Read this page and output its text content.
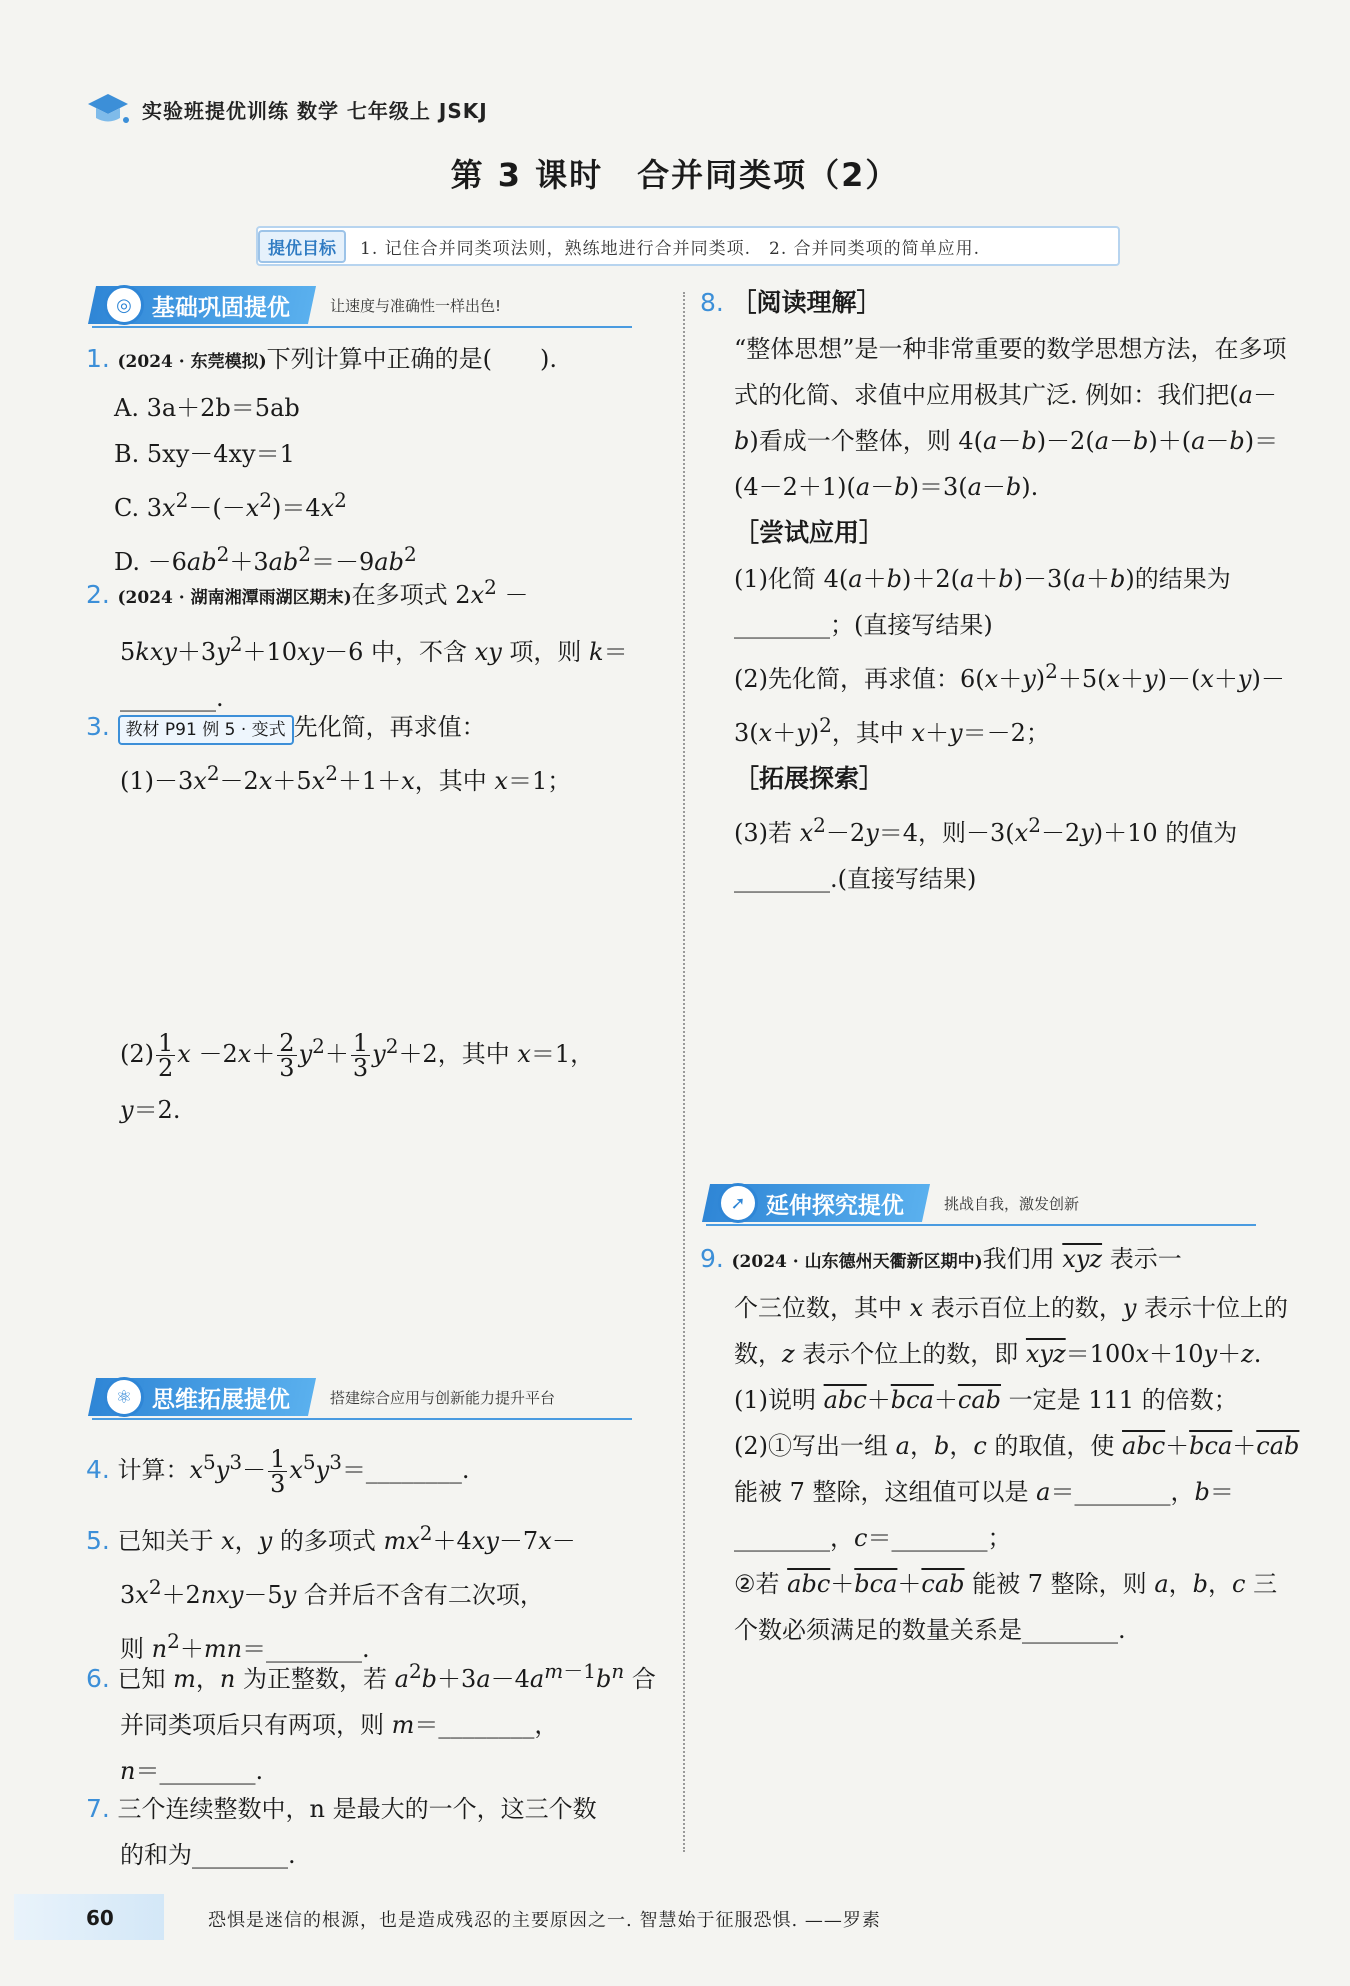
实验班提优训练 数学 七年级上 JSKJ
第 3 课时　合并同类项（2）
提优目标	1. 记住合并同类项法则，熟练地进行合并同类项.　2. 合并同类项的简单应用.
◎ 基础巩固提优	让速度与准确性一样出色!
1. (2024 · 东莞模拟)下列计算中正确的是(　　).
A. 3a＋2b＝5ab
B. 5xy－4xy＝1
C. $3x^2-(-x^2)=4x^2$
D. $-6ab^2+3ab^2=-9ab^2$
2. (2024 · 湖南湘潭雨湖区期末)在多项式 $2x^2$ －
$5kxy+3y^2+10xy-6$ 中，不含 xy 项，则 k＝
________.
3. 教材 P91 例 5 · 变式 先化简，再求值：
$(1)-3x^2-2x+5x^2+1+x$，其中 x＝1；
$(2) \frac{1}{2}$ $x -2x+ \frac{2}{3} y^2+ \frac{1}{3} y^2+2$，其中 x＝1，
y＝2.
⚛ 思维拓展提优	搭建综合应用与创新能力提升平台
4. 计算：$x^5y^3- \frac{1}{3}$ $x^5y^3=\_\_\_\_\_\_\_\_$.
5. 已知关于 x，y 的多项式 $mx^2+4xy-7x-$
$3x^2+2nxy-5y$ 合并后不含有二次项，
则 $n^2+mn=\_\_\_\_\_\_\_\_$.
6. 已知 m，n 为正整数，若 $a^2b+3a-4a^{m-1}b^n$ 合
并同类项后只有两项，则 m＝________，
n＝________.
7. 三个连续整数中，n 是最大的一个，这三个数
的和为________.
8. ［阅读理解］

“整体思想”是一种非常重要的数学思想方法，在多项式的化简、求值中应用极其广泛. 例如：我们把(a－b)看成一个整体，则 4(a－b)－2(a－b)＋(a－b)＝(4－2＋1)(a－b)＝3(a－b).
［尝试应用］
(1)化简 4(a＋b)＋2(a＋b)－3(a＋b)的结果为________；(直接写结果)
(2)先化简，再求值：$6(x+y)^2+5(x+y)-(x+y)-3(x+y)^2$，其中 x＋y＝－2；
［拓展探索］
(3)若 $x^2-2y=4$，则$-3(x^2-2y)+10$ 的值为________.(直接写结果)
➚ 延伸探究提优	挑战自我，激发创新
9. (2024 · 山东德州天衢新区期中)我们用 $\overline{xyz}$ 表示一
个三位数，其中 x 表示百位上的数，y 表示十位上的数，z 表示个位上的数，即 $\overline{xyz}=100x+10y+z$.
(1)说明 $\overline{abc}+\overline{bca}+\overline{cab}$ 一定是 111 的倍数；
(2)①写出一组 a，b，c 的取值，使 $\overline{abc}+\overline{bca}+\overline{cab}$ 能被 7 整除，这组值可以是 a＝________，b＝________，c＝________；
②若 $\overline{abc}+\overline{bca}+\overline{cab}$ 能被 7 整除，则 a，b，c 三个数必须满足的数量关系是________.
60	恐惧是迷信的根源，也是造成残忍的主要原因之一. 智慧始于征服恐惧. ——罗素
